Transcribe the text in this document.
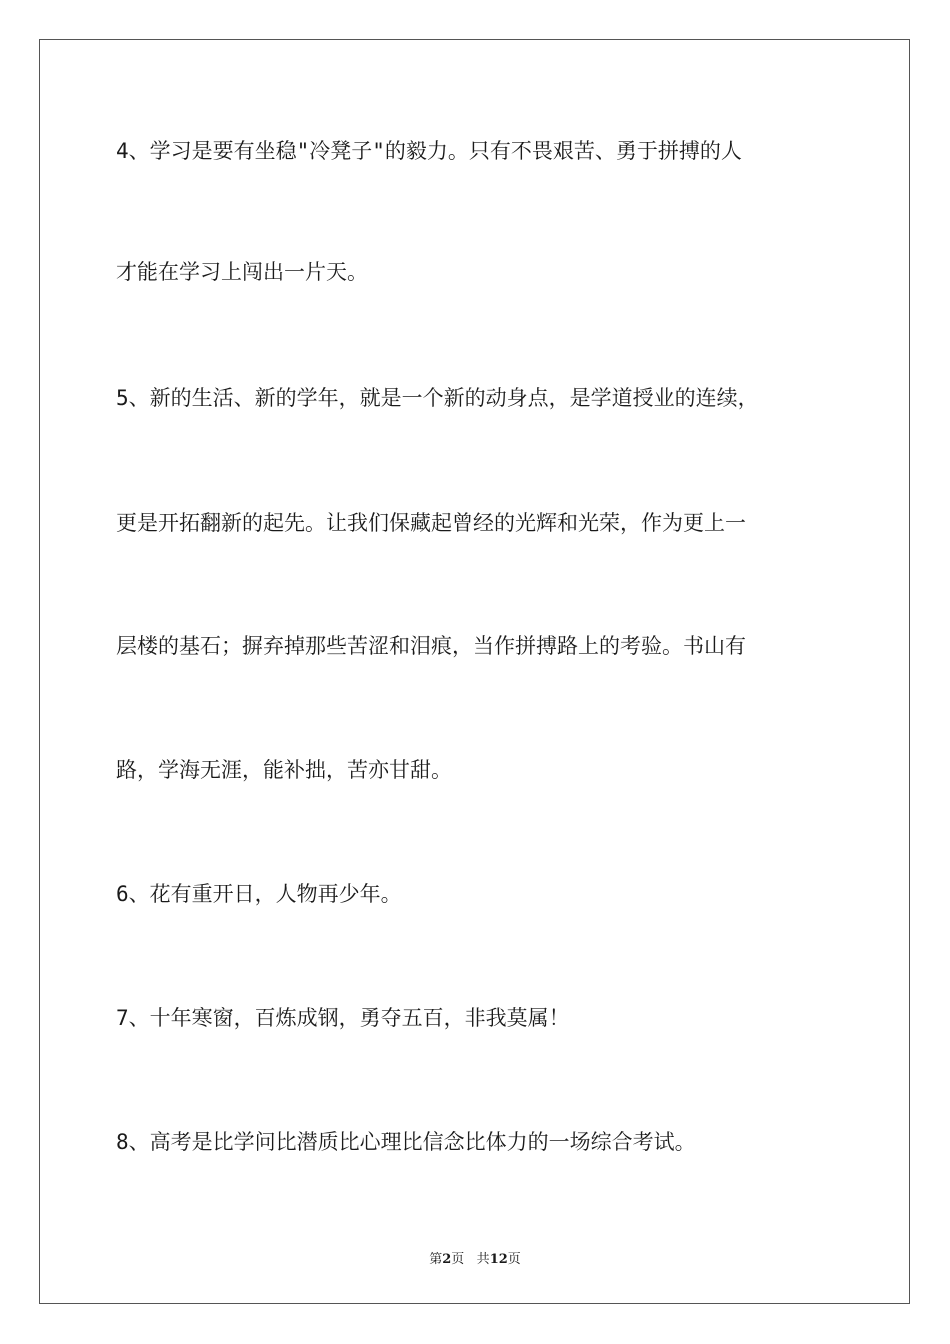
4、学习是要有坐稳"冷凳子"的毅力。只有不畏艰苦、勇于拼搏的人
才能在学习上闯出一片天。
5、新的生活、新的学年，就是一个新的动身点，是学道授业的连续，
更是开拓翻新的起先。让我们保藏起曾经的光辉和光荣，作为更上一
层楼的基石；摒弃掉那些苦涩和泪痕，当作拼搏路上的考验。书山有
路，学海无涯，能补拙，苦亦甘甜。
6、花有重开日，人物再少年。
7、十年寒窗，百炼成钢，勇夺五百，非我莫属！
8、高考是比学问比潜质比心理比信念比体力的一场综合考试。
第2页 共12页
